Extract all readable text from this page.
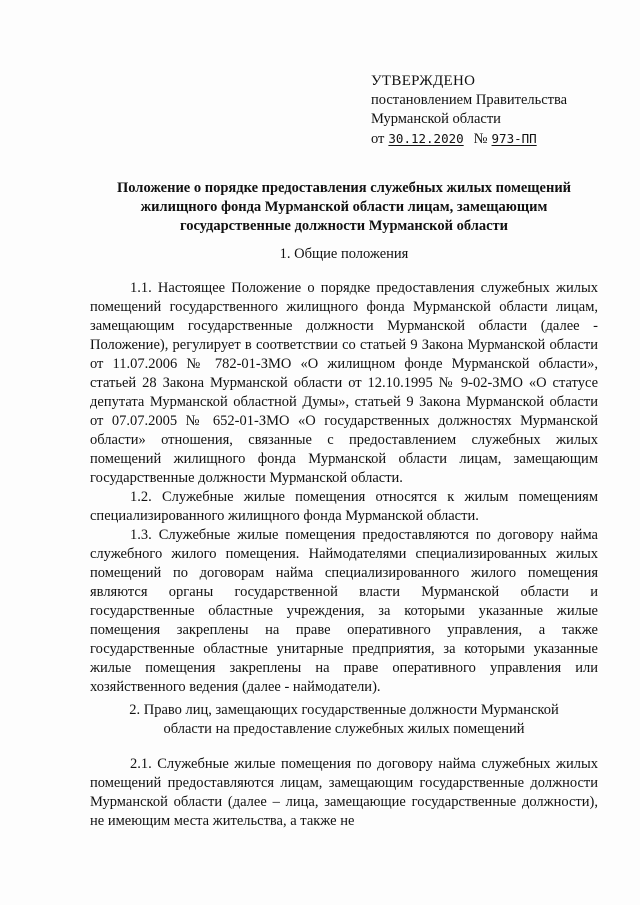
УТВЕРЖДЕНО
постановлением Правительства
Мурманской области
от 30.12.2020 № 973-ПП
Положение о порядке предоставления служебных жилых помещений жилищного фонда Мурманской области лицам, замещающим государственные должности Мурманской области
1. Общие положения

1.1. Настоящее Положение о порядке предоставления служебных жилых помещений государственного жилищного фонда Мурманской области лицам, замещающим государственные должности Мурманской области (далее - Положение), регулирует в соответствии со статьей 9 Закона Мурманской области от 11.07.2006 № 782-01-ЗМО «О жилищном фонде Мурманской области», статьей 28 Закона Мурманской области от 12.10.1995 № 9-02-ЗМО «О статусе депутата Мурманской областной Думы», статьей 9 Закона Мурманской области от 07.07.2005 № 652-01-ЗМО «О государственных должностях Мурманской области» отношения, связанные с предоставлением служебных жилых помещений жилищного фонда Мурманской области лицам, замещающим государственные должности Мурманской области.

1.2. Служебные жилые помещения относятся к жилым помещениям специализированного жилищного фонда Мурманской области.

1.3. Служебные жилые помещения предоставляются по договору найма служебного жилого помещения. Наймодателями специализированных жилых помещений по договорам найма специализированного жилого помещения являются органы государственной власти Мурманской области и государственные областные учреждения, за которыми указанные жилые помещения закреплены на праве оперативного управления, а также государственные областные унитарные предприятия, за которыми указанные жилые помещения закреплены на праве оперативного управления или хозяйственного ведения (далее - наймодатели).

2. Право лиц, замещающих государственные должности Мурманской
области на предоставление служебных жилых помещений

2.1. Служебные жилые помещения по договору найма служебных жилых помещений предоставляются лицам, замещающим государственные должности Мурманской области (далее – лица, замещающие государственные должности), не имеющим места жительства, а также не
